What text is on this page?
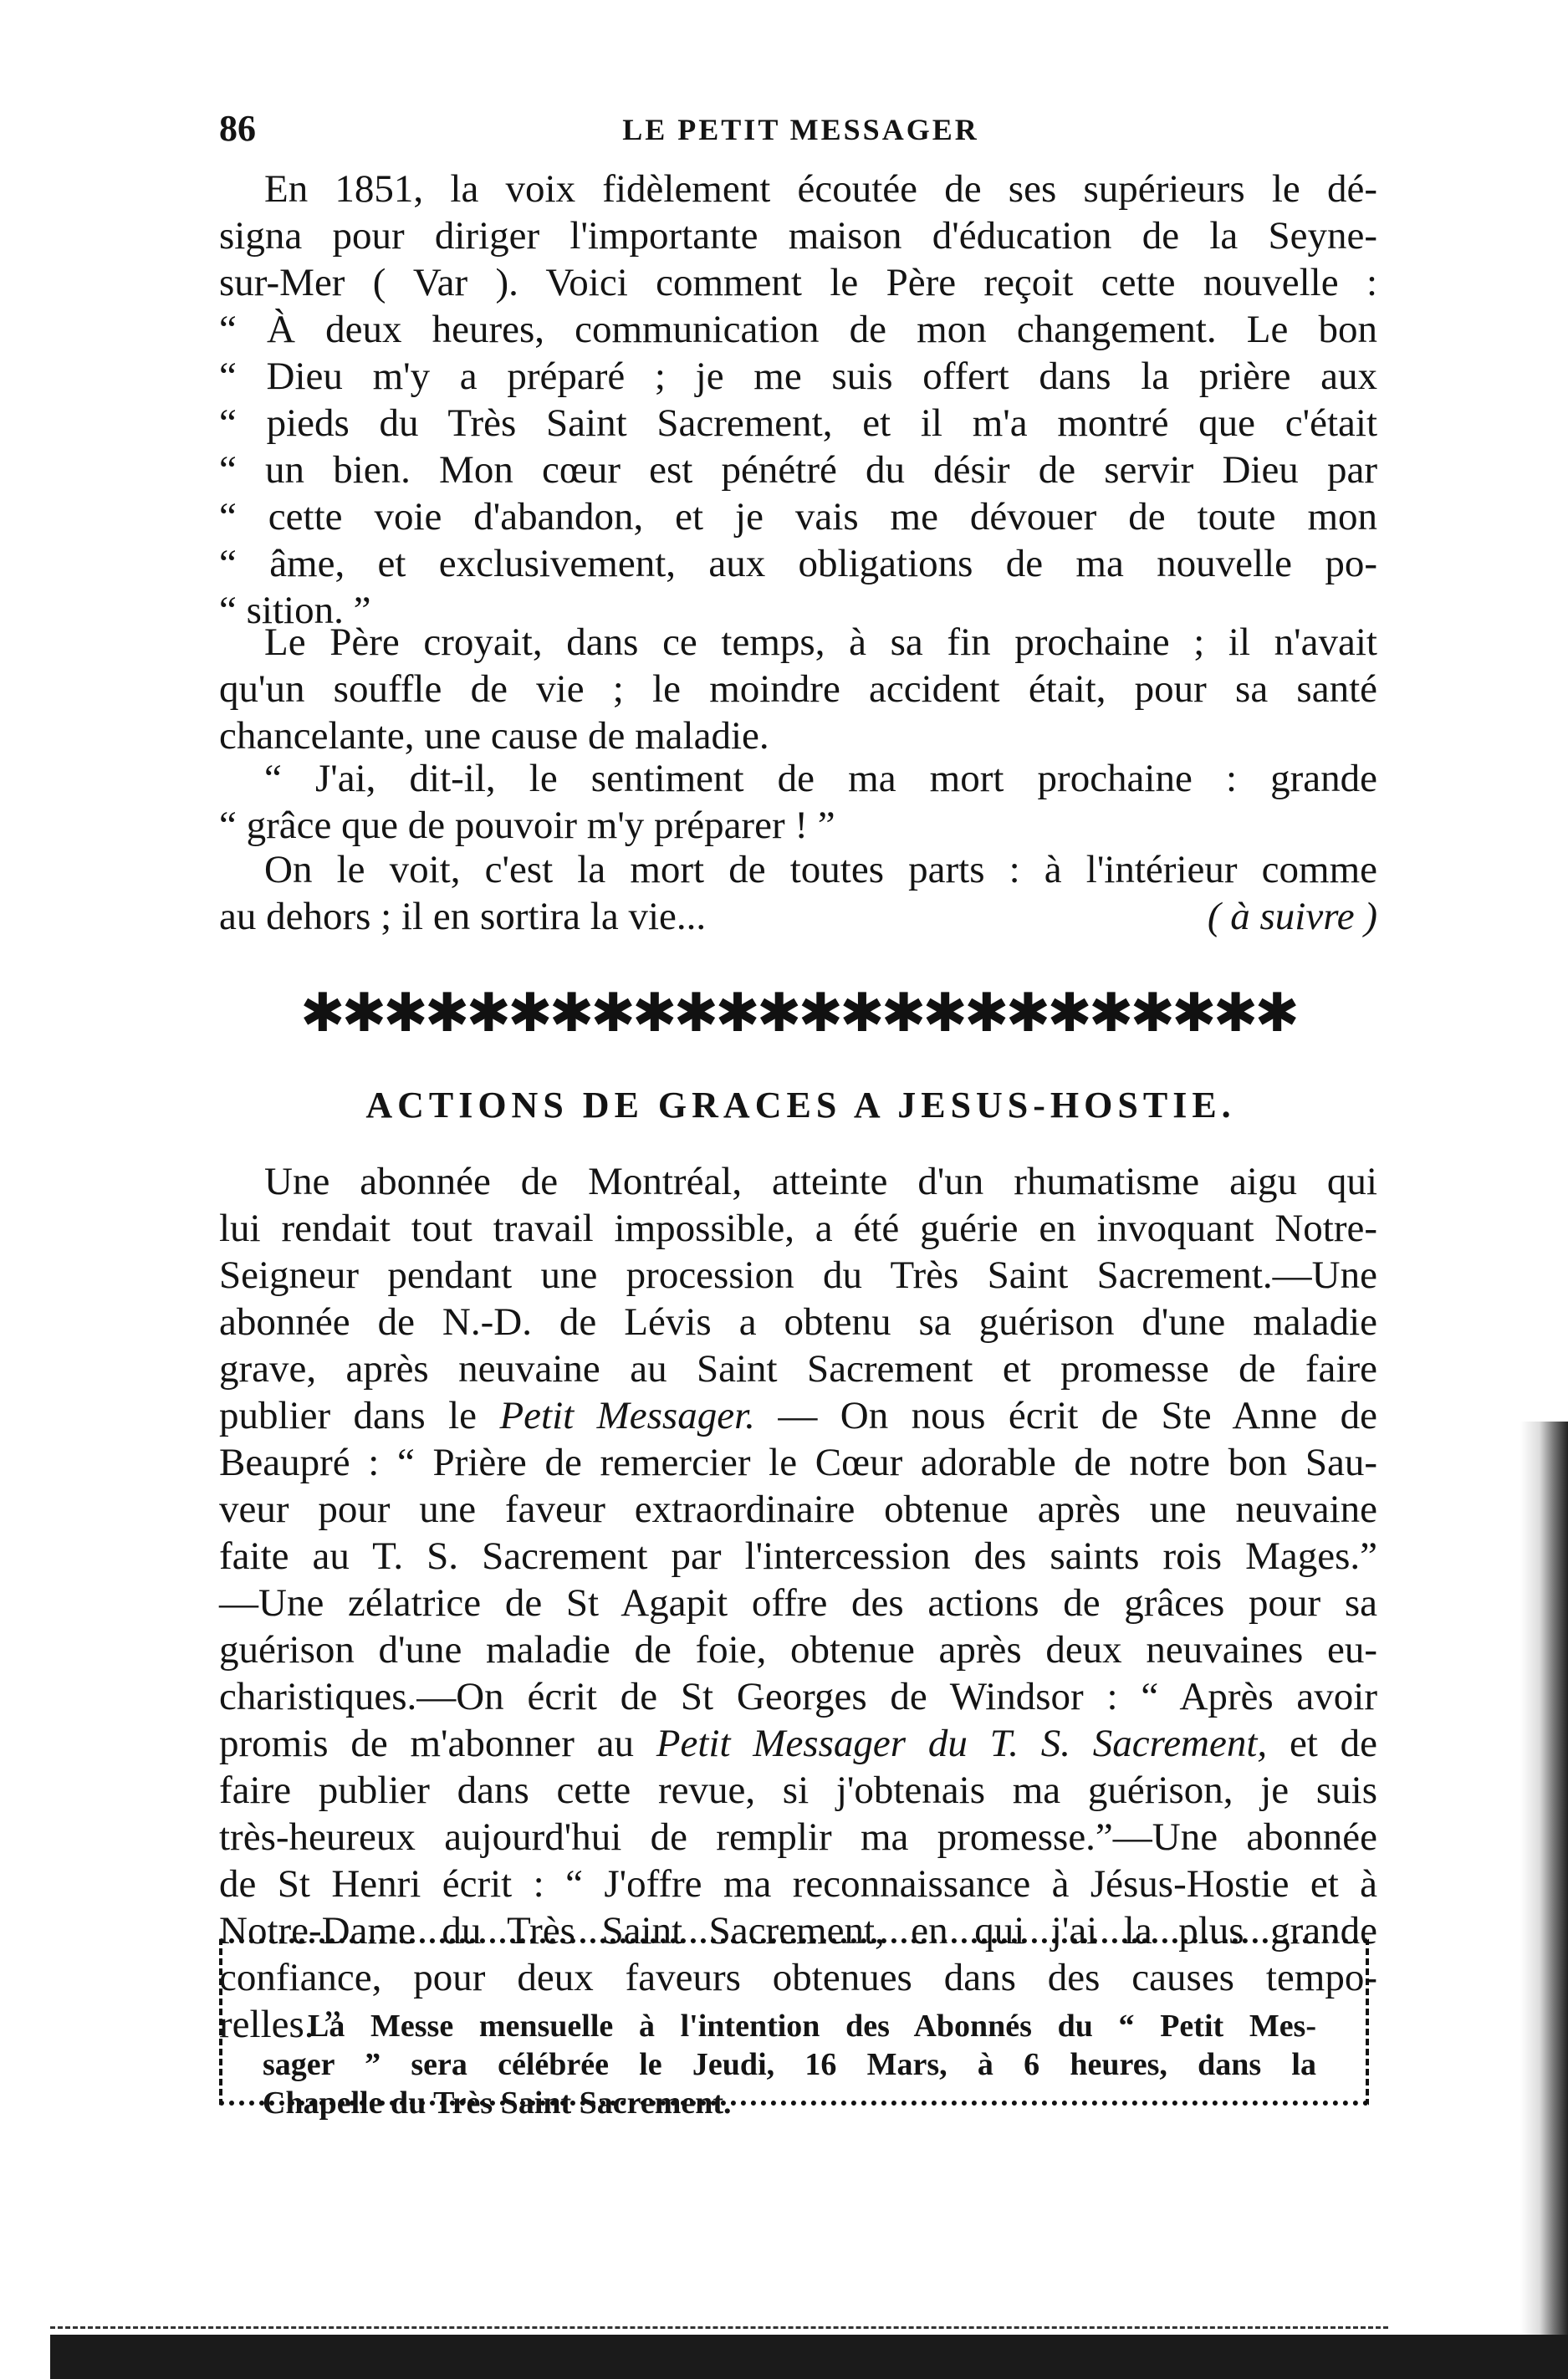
86	LE PETIT MESSAGER

En 1851, la voix fidèlement écoutée de ses supérieurs le dé-
signa pour diriger l'importante maison d'éducation de la Seyne-
sur-Mer ( Var ). Voici comment le Père reçoit cette nouvelle :
“ À deux heures, communication de mon changement. Le bon
“ Dieu m'y a préparé ; je me suis offert dans la prière aux
“ pieds du Très Saint Sacrement, et il m'a montré que c'était
“ un bien. Mon cœur est pénétré du désir de servir Dieu par
“ cette voie d'abandon, et je vais me dévouer de toute mon
“ âme, et exclusivement, aux obligations de ma nouvelle po-
“ sition. ”

Le Père croyait, dans ce temps, à sa fin prochaine ; il n'avait
qu'un souffle de vie ; le moindre accident était, pour sa santé
chancelante, une cause de maladie.

“ J'ai, dit-il, le sentiment de ma mort prochaine : grande
“ grâce que de pouvoir m'y préparer ! ”

On le voit, c'est la mort de toutes parts : à l'intérieur comme
au dehors ; il en sortira la vie...	( à suivre )

✱✱✱✱✱✱✱✱✱✱✱✱✱✱✱✱✱✱✱✱✱✱✱✱
ACTIONS DE GRACES A JESUS-HOSTIE.

Une abonnée de Montréal, atteinte d'un rhumatisme aigu qui
lui rendait tout travail impossible, a été guérie en invoquant Notre-
Seigneur pendant une procession du Très Saint Sacrement.—Une
abonnée de N.-D. de Lévis a obtenu sa guérison d'une maladie
grave, après neuvaine au Saint Sacrement et promesse de faire
publier dans le Petit Messager. — On nous écrit de Ste Anne de
Beaupré : “ Prière de remercier le Cœur adorable de notre bon Sau-
veur pour une faveur extraordinaire obtenue après une neuvaine
faite au T. S. Sacrement par l'intercession des saints rois Mages.”
—Une zélatrice de St Agapit offre des actions de grâces pour sa
guérison d'une maladie de foie, obtenue après deux neuvaines eu-
charistiques.—On écrit de St Georges de Windsor : “ Après avoir
promis de m'abonner au Petit Messager du T. S. Sacrement, et de
faire publier dans cette revue, si j'obtenais ma guérison, je suis
très-heureux aujourd'hui de remplir ma promesse.”—Une abonnée
de St Henri écrit : “ J'offre ma reconnaissance à Jésus-Hostie et à
Notre-Dame du Très Saint Sacrement, en qui j'ai la plus grande
confiance, pour deux faveurs obtenues dans des causes tempo-
relles. ”

La Messe mensuelle à l'intention des Abonnés du “ Petit Mes-
sager ” sera célébrée le Jeudi, 16 Mars, à 6 heures, dans la
Chapelle du Très Saint Sacrement.
